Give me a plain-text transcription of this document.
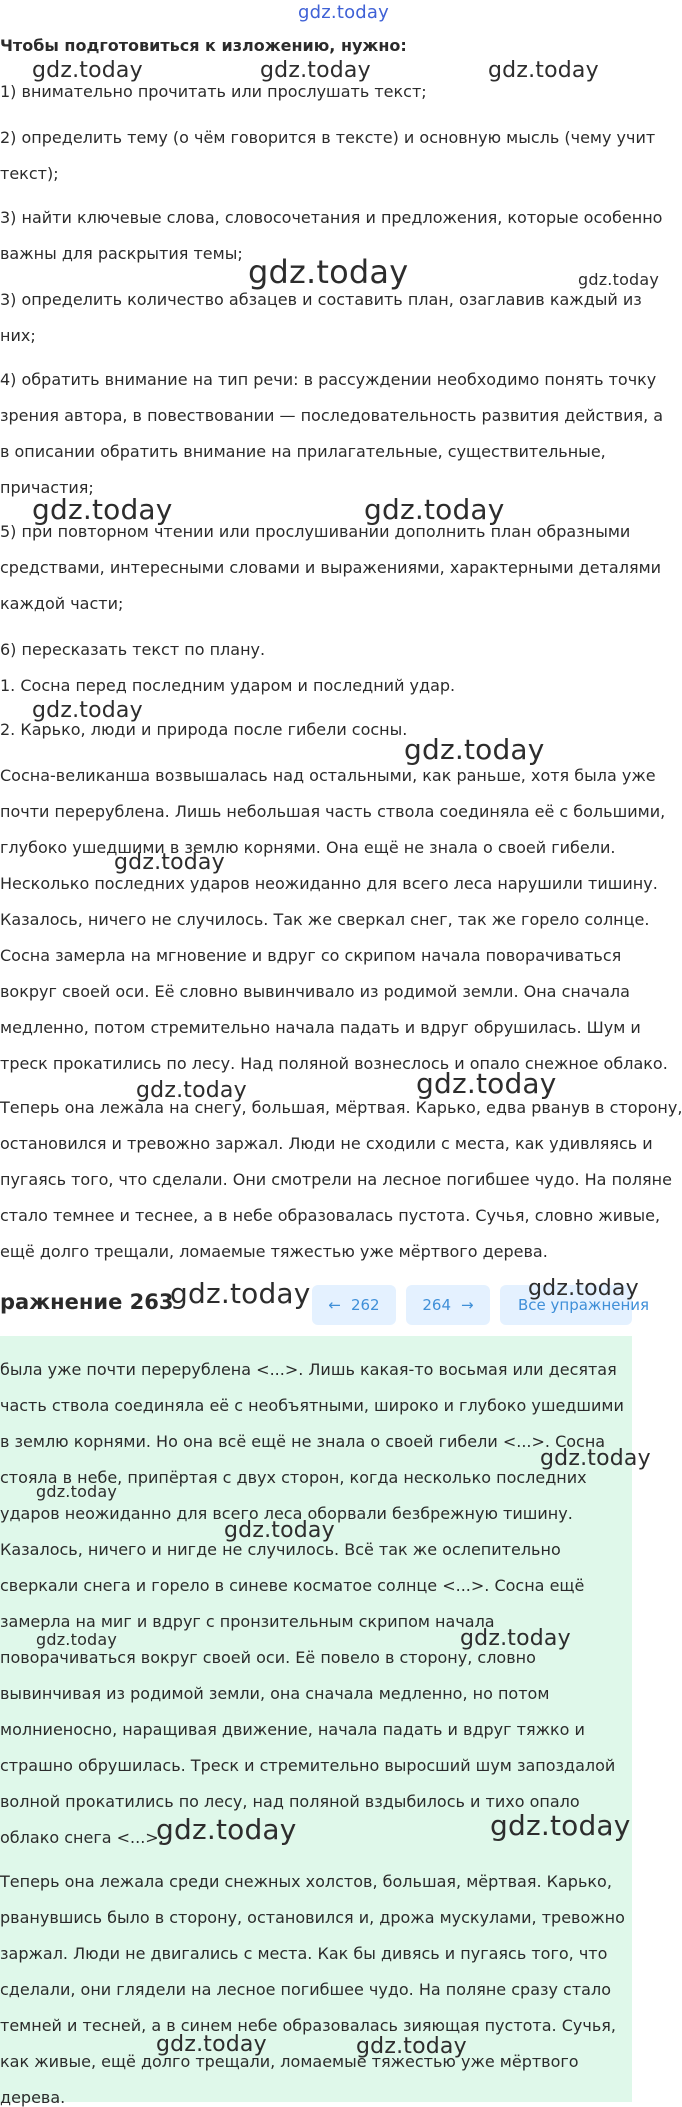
gdz.today
Чтобы подготовиться к изложению, нужно:
1) внимательно прочитать или прослушать текст;
2) определить тему (о чём говорится в тексте) и основную мысль (чему учит
текст);
3) найти ключевые слова, словосочетания и предложения, которые особенно
важны для раскрытия темы;
3) определить количество абзацев и составить план, озаглавив каждый из
них;
4) обратить внимание на тип речи: в рассуждении необходимо понять точку
зрения автора, в повествовании — последовательность развития действия, а
в описании обратить внимание на прилагательные, существительные,
причастия;
5) при повторном чтении или прослушивании дополнить план образными
средствами, интересными словами и выражениями, характерными деталями
каждой части;
6) пересказать текст по плану.
1. Сосна перед последним ударом и последний удар.
2. Карько, люди и природа после гибели сосны.
Сосна-великанша возвышалась над остальными, как раньше, хотя была уже
почти перерублена. Лишь небольшая часть ствола соединяла её с большими,
глубоко ушедшими в землю корнями. Она ещё не знала о своей гибели.
Несколько последних ударов неожиданно для всего леса нарушили тишину.
Казалось, ничего не случилось. Так же сверкал снег, так же горело солнце.
Сосна замерла на мгновение и вдруг со скрипом начала поворачиваться
вокруг своей оси. Её словно вывинчивало из родимой земли. Она сначала
медленно, потом стремительно начала падать и вдруг обрушилась. Шум и
треск прокатились по лесу. Над поляной вознеслось и опало снежное облако.
Теперь она лежала на снегу, большая, мёртвая. Карько, едва рванув в сторону,
остановился и тревожно заржал. Люди не сходили с места, как удивляясь и
пугаясь того, что сделали. Они смотрели на лесное погибшее чудо. На поляне
стало темнее и теснее, а в небе образовалась пустота. Сучья, словно живые,
ещё долго трещали, ломаемые тяжестью уже мёртвого дерева.
ражнение 263	← 262	264 →	Все упражнения
была уже почти перерублена <...>. Лишь какая-то восьмая или десятая
часть ствола соединяла её с необъятными, широко и глубоко ушедшими
в землю корнями. Но она всё ещё не знала о своей гибели <...>. Сосна
стояла в небе, припёртая с двух сторон, когда несколько последних
ударов неожиданно для всего леса оборвали безбрежную тишину.
Казалось, ничего и нигде не случилось. Всё так же ослепительно
сверкали снега и горело в синеве косматое солнце <...>. Сосна ещё
замерла на миг и вдруг с пронзительным скрипом начала
поворачиваться вокруг своей оси. Её повело в сторону, словно
вывинчивая из родимой земли, она сначала медленно, но потом
молниеносно, наращивая движение, начала падать и вдруг тяжко и
страшно обрушилась. Треск и стремительно выросший шум запоздалой
волной прокатились по лесу, над поляной вздыбилось и тихо опало
облако снега <...>.
Теперь она лежала среди снежных холстов, большая, мёртвая. Карько,
рванувшись было в сторону, остановился и, дрожа мускулами, тревожно
заржал. Люди не двигались с места. Как бы дивясь и пугаясь того, что
сделали, они глядели на лесное погибшее чудо. На поляне сразу стало
темней и тесней, а в синем небе образовалась зияющая пустота. Сучья,
как живые, ещё долго трещали, ломаемые тяжестью уже мёртвого
дерева.
gdz.today	gdz.today	gdz.today
gdz.today	gdz.today
gdz.today	gdz.today
gdz.today
gdz.today
gdz.today
gdz.today	gdz.today
gdz.today	gdz.today
gdz.today
gdz.today
gdz.today
gdz.today	gdz.today
gdz.today	gdz.today
gdz.today	gdz.today
